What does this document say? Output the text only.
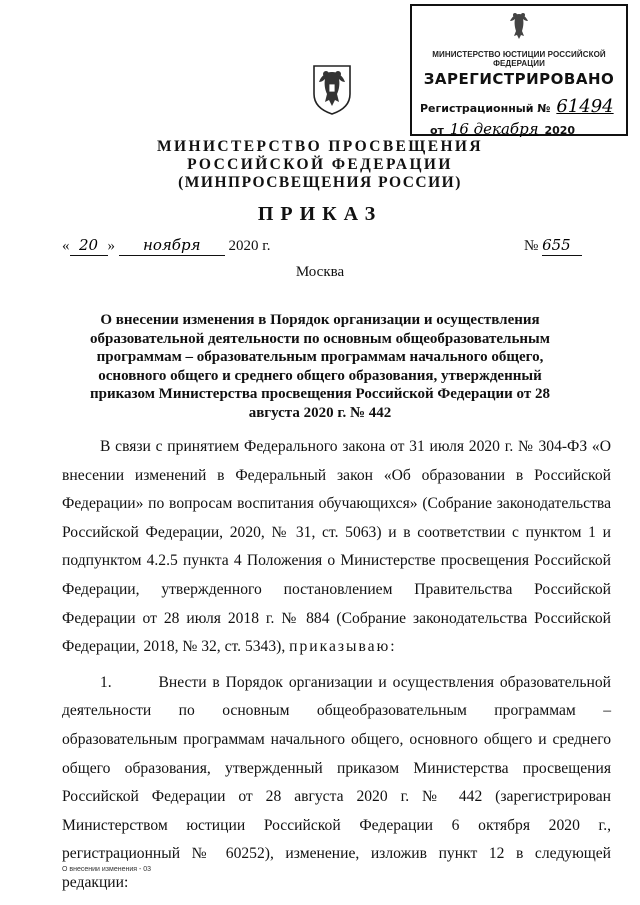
МИНИСТЕРСТВО ЮСТИЦИИ РОССИЙСКОЙ ФЕДЕРАЦИИ
ЗАРЕГИСТРИРОВАНО
Регистрационный № 61494
от 16 декабря 2020
МИНИСТЕРСТВО ПРОСВЕЩЕНИЯ
РОССИЙСКОЙ ФЕДЕРАЦИИ
(МИНПРОСВЕЩЕНИЯ РОССИИ)
ПРИКАЗ
« 20 » ноября 2020 г.	№ 655
Москва
О внесении изменения в Порядок организации и осуществления образовательной деятельности по основным общеобразовательным программам – образовательным программам начального общего, основного общего и среднего общего образования, утвержденный приказом Министерства просвещения Российской Федерации от 28 августа 2020 г. № 442

В связи с принятием Федерального закона от 31 июля 2020 г. № 304-ФЗ «О внесении изменений в Федеральный закон «Об образовании в Российской Федерации» по вопросам воспитания обучающихся» (Собрание законодательства Российской Федерации, 2020, № 31, ст. 5063) и в соответствии с пунктом 1 и подпунктом 4.2.5 пункта 4 Положения о Министерстве просвещения Российской Федерации, утвержденного постановлением Правительства Российской Федерации от 28 июля 2018 г. № 884 (Собрание законодательства Российской Федерации, 2018, № 32, ст. 5343), приказываю:

1.	Внести в Порядок организации и осуществления образовательной деятельности по основным общеобразовательным программам – образовательным программам начального общего, основного общего и среднего общего образования, утвержденный приказом Министерства просвещения Российской Федерации от 28 августа 2020 г. № 442 (зарегистрирован Министерством юстиции Российской Федерации 6 октября 2020 г., регистрационный № 60252), изменение, изложив пункт 12 в следующей редакции:

О внесении изменения - 03
